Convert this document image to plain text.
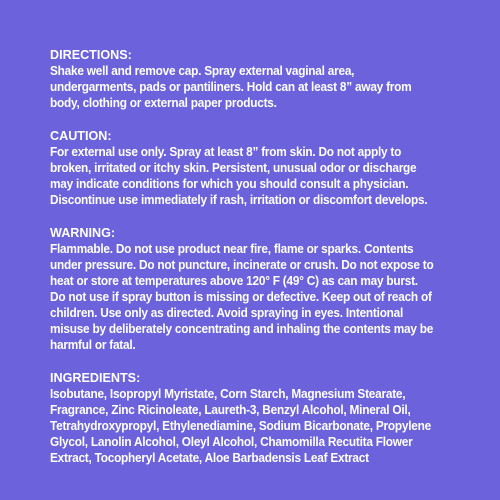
DIRECTIONS:

Shake well and remove cap. Spray external vaginal area,
undergarments, pads or pantiliners. Hold can at least 8” away from
body, clothing or external paper products.

CAUTION:

For external use only. Spray at least 8” from skin. Do not apply to
broken, irritated or itchy skin. Persistent, unusual odor or discharge
may indicate conditions for which you should consult a physician.
Discontinue use immediately if rash, irritation or discomfort develops.

WARNING:

Flammable. Do not use product near fire, flame or sparks. Contents
under pressure. Do not puncture, incinerate or crush. Do not expose to
heat or store at temperatures above 120° F (49° C) as can may burst.
Do not use if spray button is missing or defective. Keep out of reach of
children. Use only as directed. Avoid spraying in eyes. Intentional
misuse by deliberately concentrating and inhaling the contents may be
harmful or fatal.

INGREDIENTS:

Isobutane, Isopropyl Myristate, Corn Starch, Magnesium Stearate,
Fragrance, Zinc Ricinoleate, Laureth-3, Benzyl Alcohol, Mineral Oil,
Tetrahydroxypropyl, Ethylenediamine, Sodium Bicarbonate, Propylene
Glycol, Lanolin Alcohol, Oleyl Alcohol, Chamomilla Recutita Flower
Extract, Tocopheryl Acetate, Aloe Barbadensis Leaf Extract
